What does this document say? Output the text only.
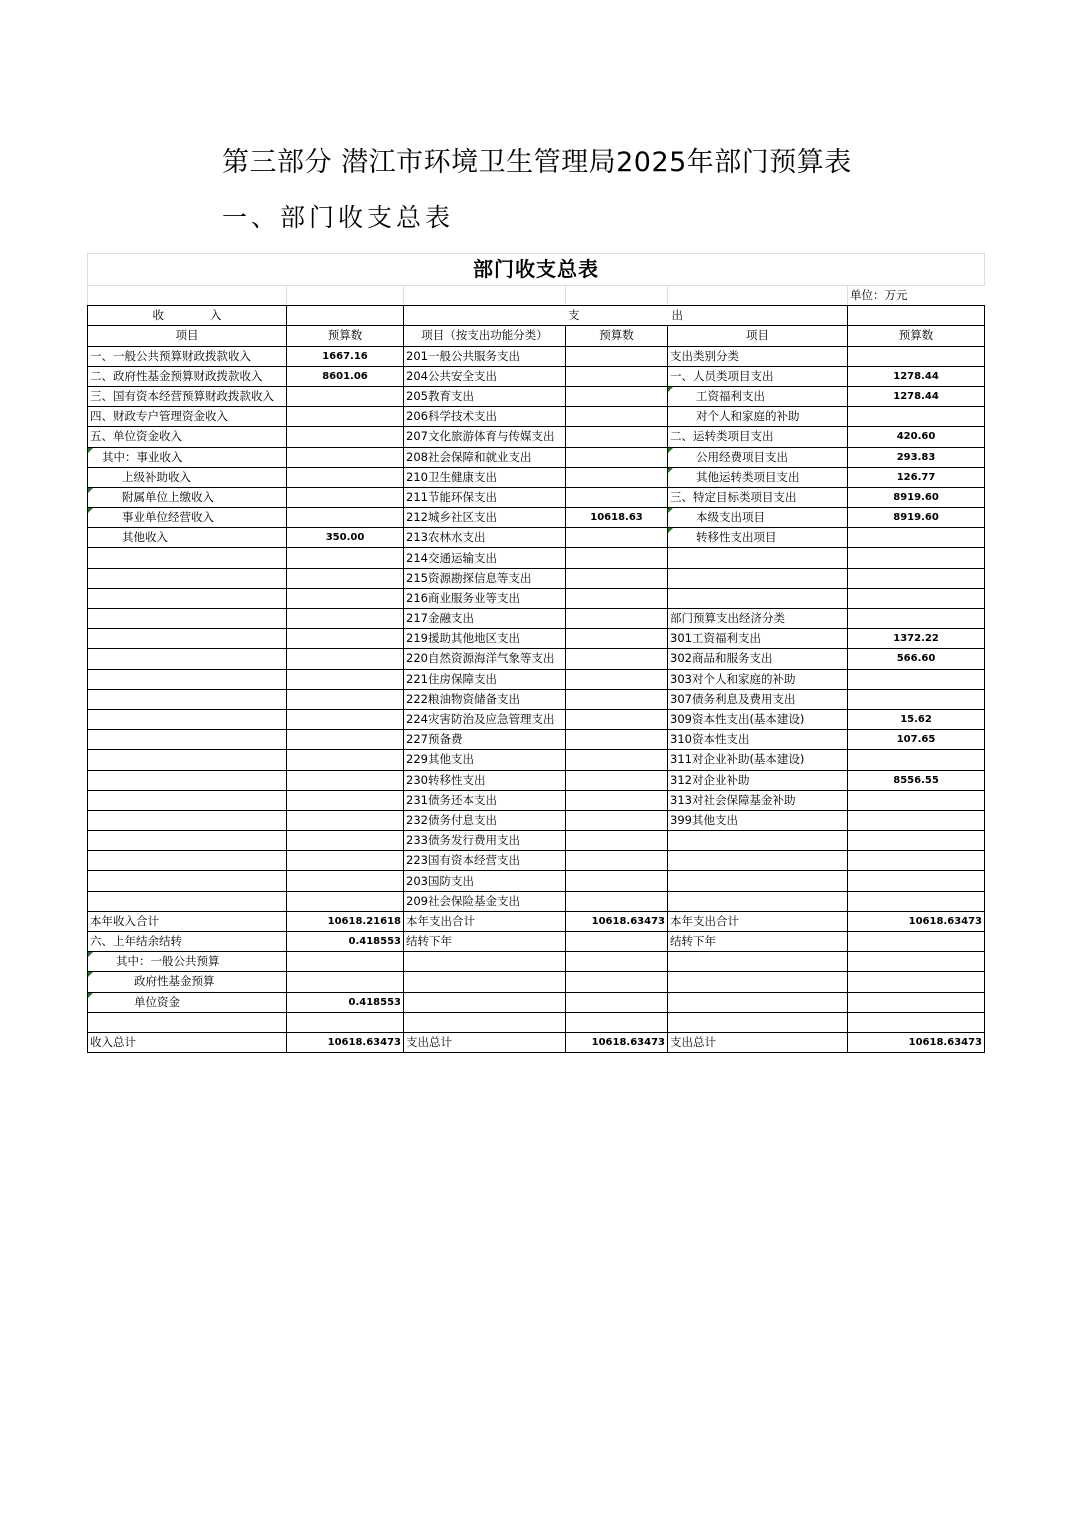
第三部分 潜江市环境卫生管理局2025年部门预算表
一、部门收支总表
部门收支总表					
					单位：万元
收　　　　入		支　　　　　　　　出			
项目	预算数	项目（按支出功能分类）	预算数	项目	预算数
一、一般公共预算财政拨款收入	1667.16	201一般公共服务支出		支出类别分类	
二、政府性基金预算财政拨款收入	8601.06	204公共安全支出		一、人员类项目支出	1278.44
三、国有资本经营预算财政拨款收入		205教育支出		工资福利支出	1278.44
四、财政专户管理资金收入		206科学技术支出		对个人和家庭的补助	
五、单位资金收入		207文化旅游体育与传媒支出		二、运转类项目支出	420.60
其中：事业收入		208社会保障和就业支出		公用经费项目支出	293.83
上级补助收入		210卫生健康支出		其他运转类项目支出	126.77
附属单位上缴收入		211节能环保支出		三、特定目标类项目支出	8919.60
事业单位经营收入		212城乡社区支出	10618.63	本级支出项目	8919.60
其他收入	350.00	213农林水支出		转移性支出项目	
		214交通运输支出			
		215资源勘探信息等支出			
		216商业服务业等支出			
		217金融支出		部门预算支出经济分类	
		219援助其他地区支出		301工资福利支出	1372.22
		220自然资源海洋气象等支出		302商品和服务支出	566.60
		221住房保障支出		303对个人和家庭的补助	
		222粮油物资储备支出		307债务利息及费用支出	
		224灾害防治及应急管理支出		309资本性支出(基本建设)	15.62
		227预备费		310资本性支出	107.65
		229其他支出		311对企业补助(基本建设)	
		230转移性支出		312对企业补助	8556.55
		231债务还本支出		313对社会保障基金补助	
		232债务付息支出		399其他支出	
		233债务发行费用支出			
		223国有资本经营支出			
		203国防支出			
		209社会保险基金支出			
本年收入合计	10618.21618	本年支出合计	10618.63473	本年支出合计	10618.63473
六、上年结余结转	0.418553	结转下年		结转下年	
其中：一般公共预算					
政府性基金预算					
单位资金	0.418553				

收入总计	10618.63473	支出总计	10618.63473	支出总计	10618.63473
